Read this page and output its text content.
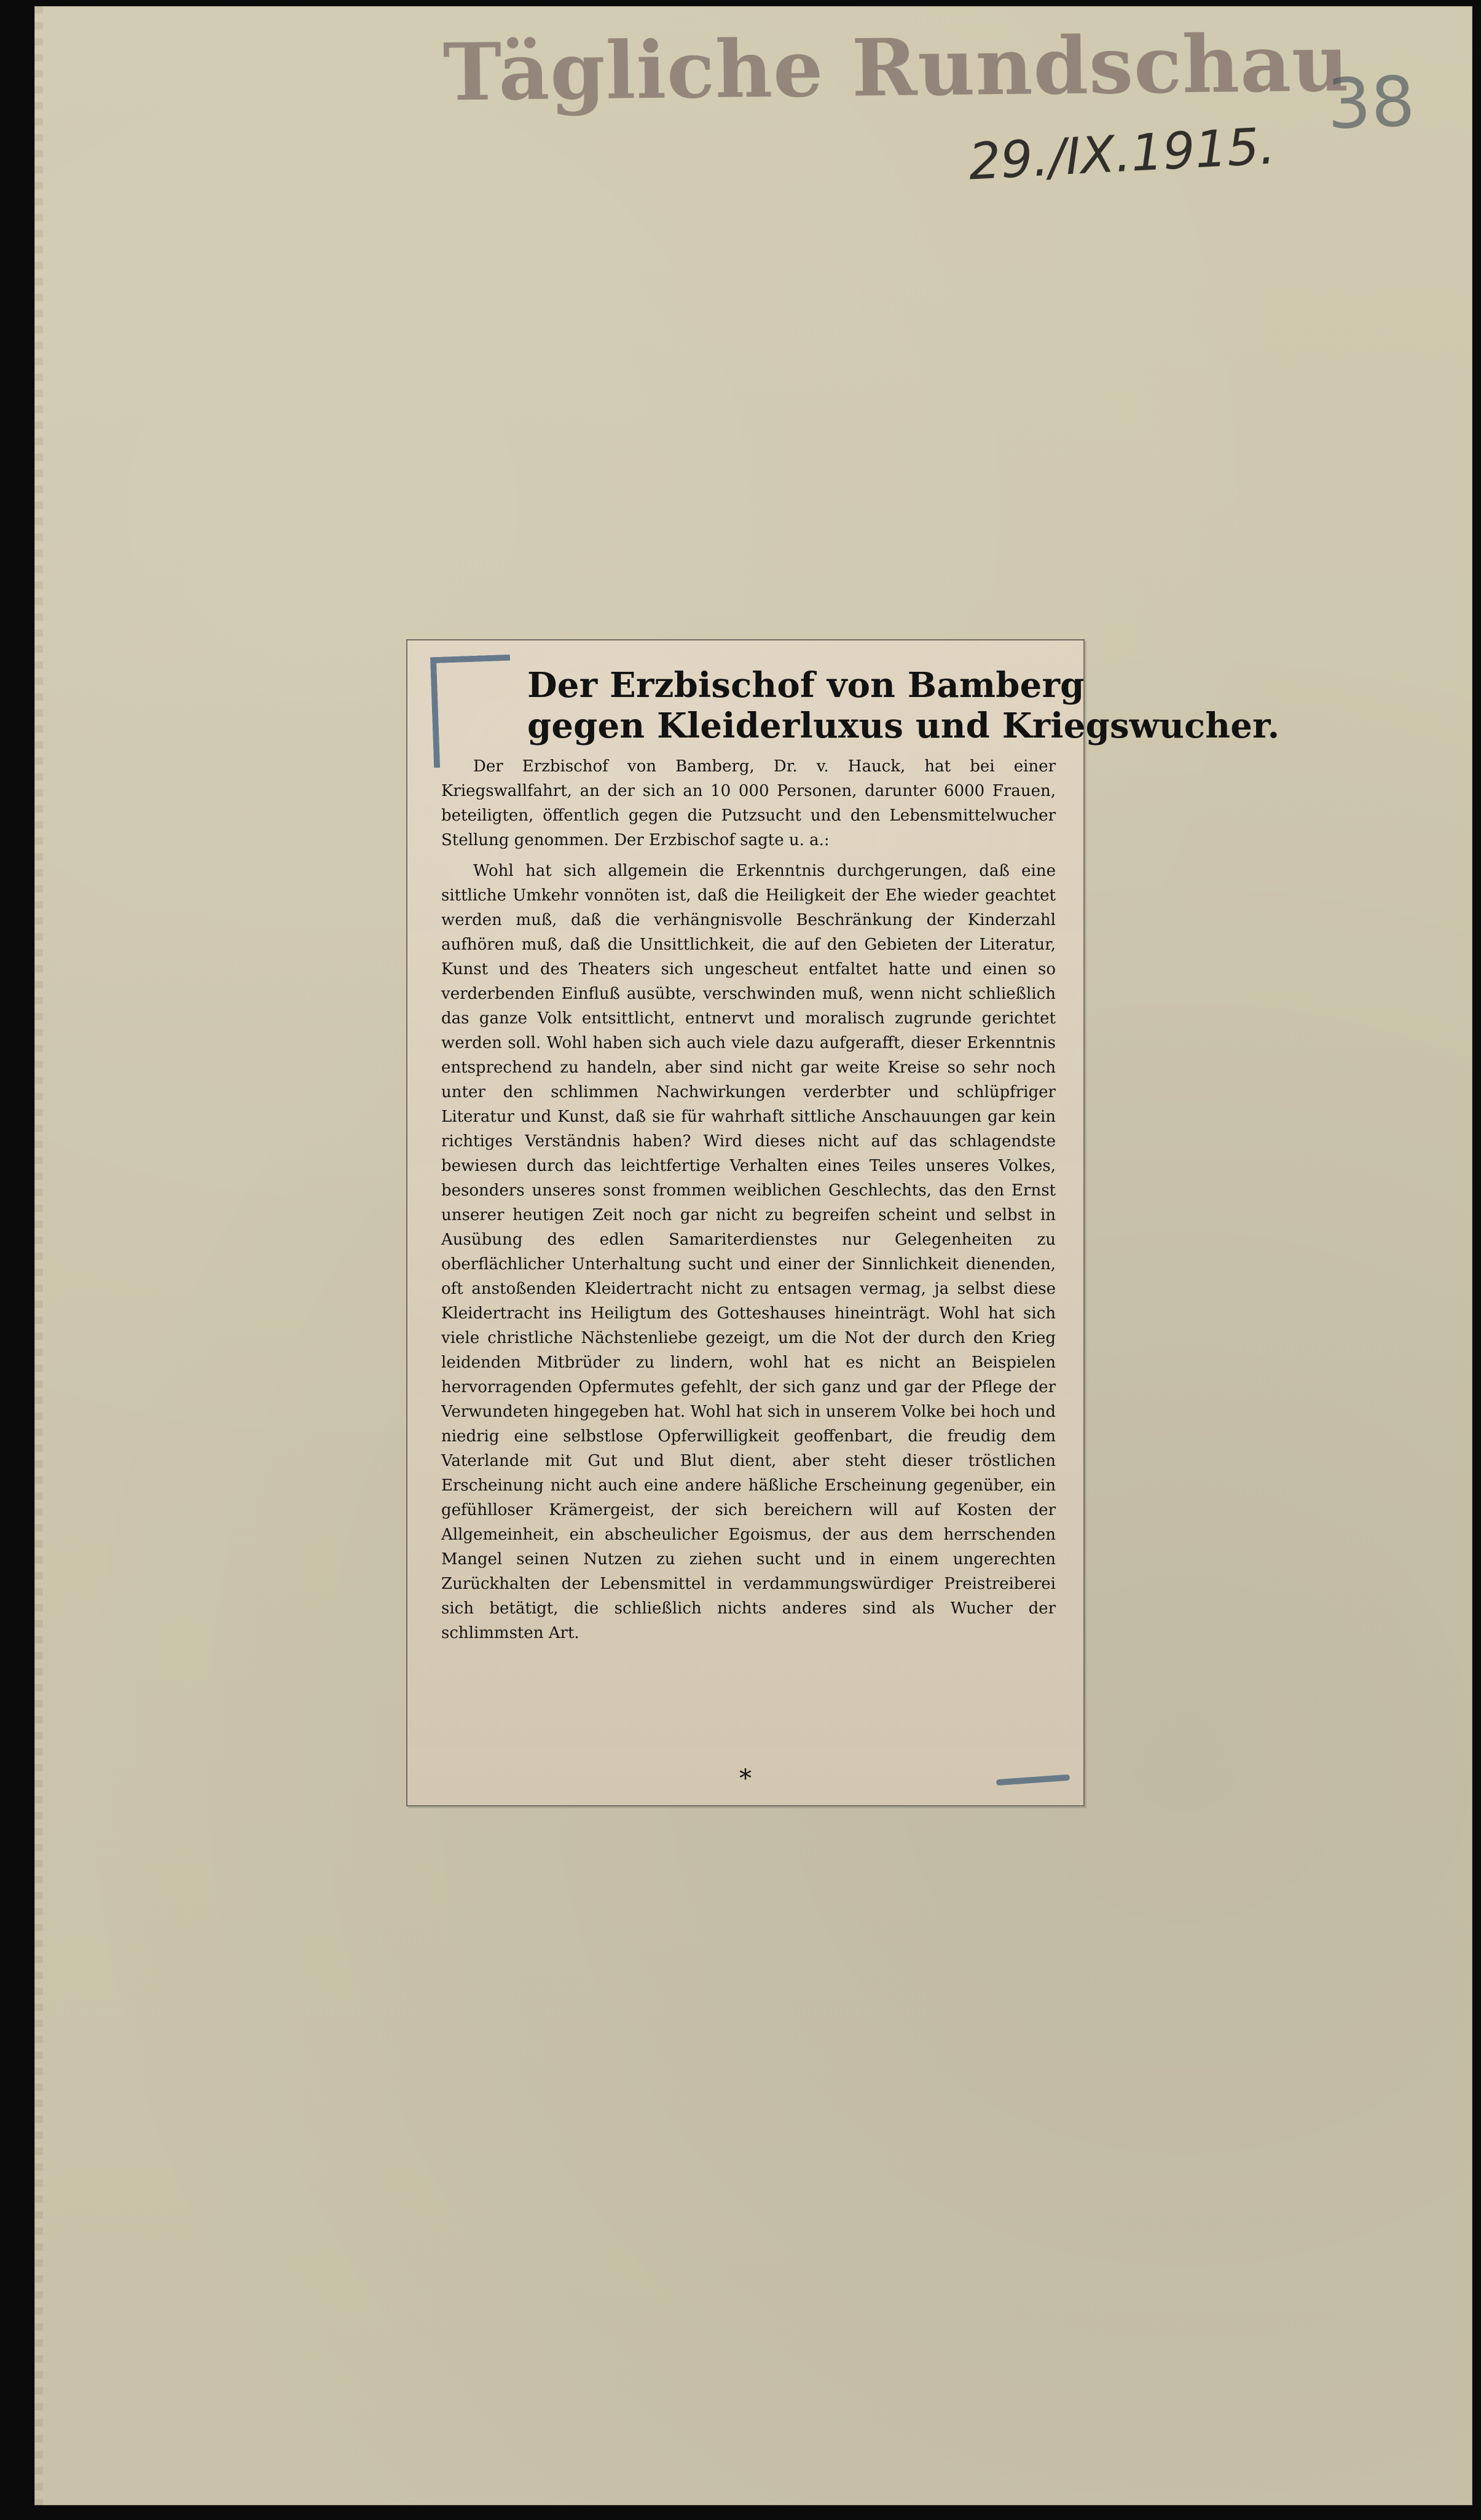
Tägliche Rundschau
38
29./IX.1915.
Der Erzbischof von Bamberg
gegen Kleiderluxus und Kriegswucher.

Der Erzbischof von Bamberg, Dr. v. Hauck, hat bei einer Kriegswallfahrt, an der sich an 10 000 Personen, darunter 6000 Frauen, beteiligten, öffentlich gegen die Putzsucht und den Lebensmittelwucher Stellung genommen. Der Erzbischof sagte u. a.:

Wohl hat sich allgemein die Erkenntnis durchgerungen, daß eine sittliche Umkehr vonnöten ist, daß die Heiligkeit der Ehe wieder geachtet werden muß, daß die verhängnisvolle Beschränkung der Kinderzahl aufhören muß, daß die Unsittlichkeit, die auf den Gebieten der Literatur, Kunst und des Theaters sich ungescheut entfaltet hatte und einen so verderbenden Einfluß ausübte, verschwinden muß, wenn nicht schließlich das ganze Volk entsittlicht, entnervt und moralisch zugrunde gerichtet werden soll. Wohl haben sich auch viele dazu aufgerafft, dieser Erkenntnis entsprechend zu handeln, aber sind nicht gar weite Kreise so sehr noch unter den schlimmen Nachwirkungen verderbter und schlüpfriger Literatur und Kunst, daß sie für wahrhaft sittliche Anschauungen gar kein richtiges Verständnis haben? Wird dieses nicht auf das schlagendste bewiesen durch das leichtfertige Verhalten eines Teiles unseres Volkes, besonders unseres sonst frommen weiblichen Geschlechts, das den Ernst unserer heutigen Zeit noch gar nicht zu begreifen scheint und selbst in Ausübung des edlen Samariterdienstes nur Gelegenheiten zu oberflächlicher Unterhaltung sucht und einer der Sinnlichkeit dienenden, oft anstoßenden Kleidertracht nicht zu entsagen vermag, ja selbst diese Kleidertracht ins Heiligtum des Gotteshauses hineinträgt. Wohl hat sich viele christliche Nächstenliebe gezeigt, um die Not der durch den Krieg leidenden Mitbrüder zu lindern, wohl hat es nicht an Beispielen hervorragenden Opfermutes gefehlt, der sich ganz und gar der Pflege der Verwundeten hingegeben hat. Wohl hat sich in unserem Volke bei hoch und niedrig eine selbstlose Opferwilligkeit geoffenbart, die freudig dem Vaterlande mit Gut und Blut dient, aber steht dieser tröstlichen Erscheinung nicht auch eine andere häßliche Erscheinung gegenüber, ein gefühlloser Krämergeist, der sich bereichern will auf Kosten der Allgemeinheit, ein abscheulicher Egoismus, der aus dem herrschenden Mangel seinen Nutzen zu ziehen sucht und in einem ungerechten Zurückhalten der Lebensmittel in verdammungswürdiger Preistreiberei sich betätigt, die schließlich nichts anderes sind als Wucher der schlimmsten Art.

*
